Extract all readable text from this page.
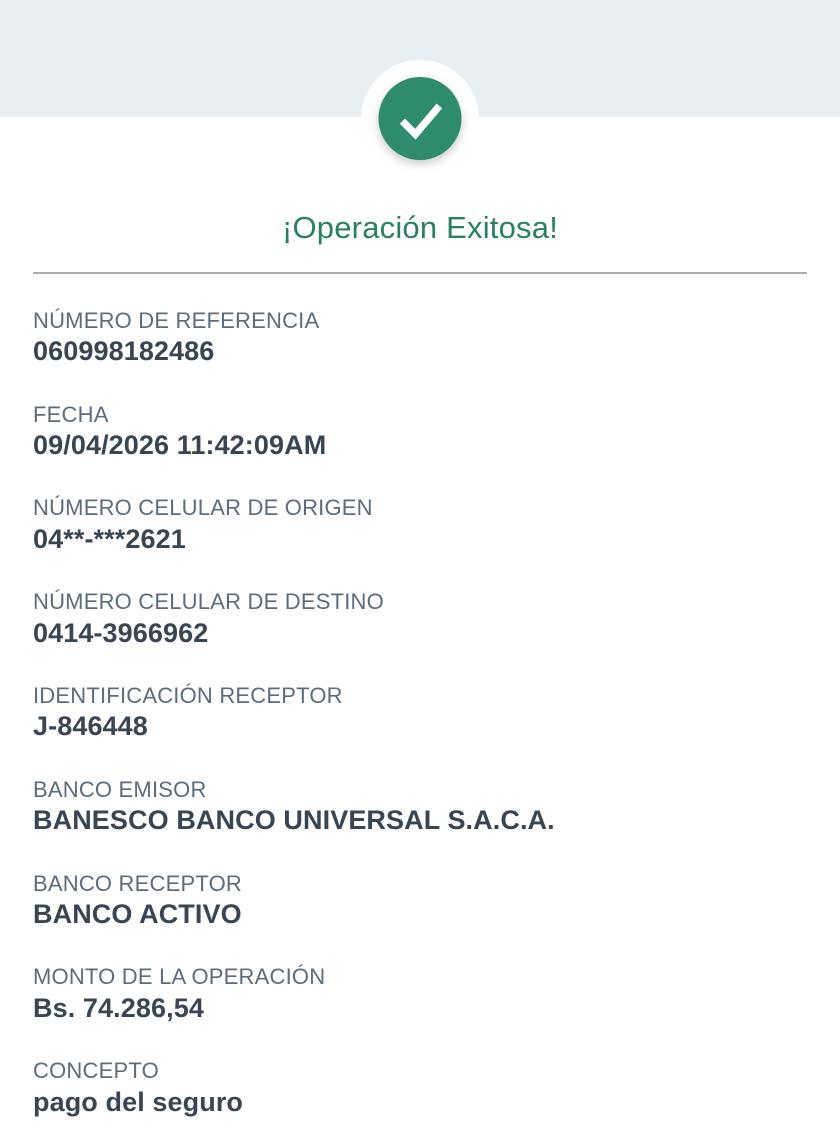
¡Operación Exitosa!
NÚMERO DE REFERENCIA
060998182486
FECHA
09/04/2026 11:42:09AM
NÚMERO CELULAR DE ORIGEN
04**-***2621
NÚMERO CELULAR DE DESTINO
0414-3966962
IDENTIFICACIÓN RECEPTOR
J-846448
BANCO EMISOR
BANESCO BANCO UNIVERSAL S.A.C.A.
BANCO RECEPTOR
BANCO ACTIVO
MONTO DE LA OPERACIÓN
Bs. 74.286,54
CONCEPTO
pago del seguro
